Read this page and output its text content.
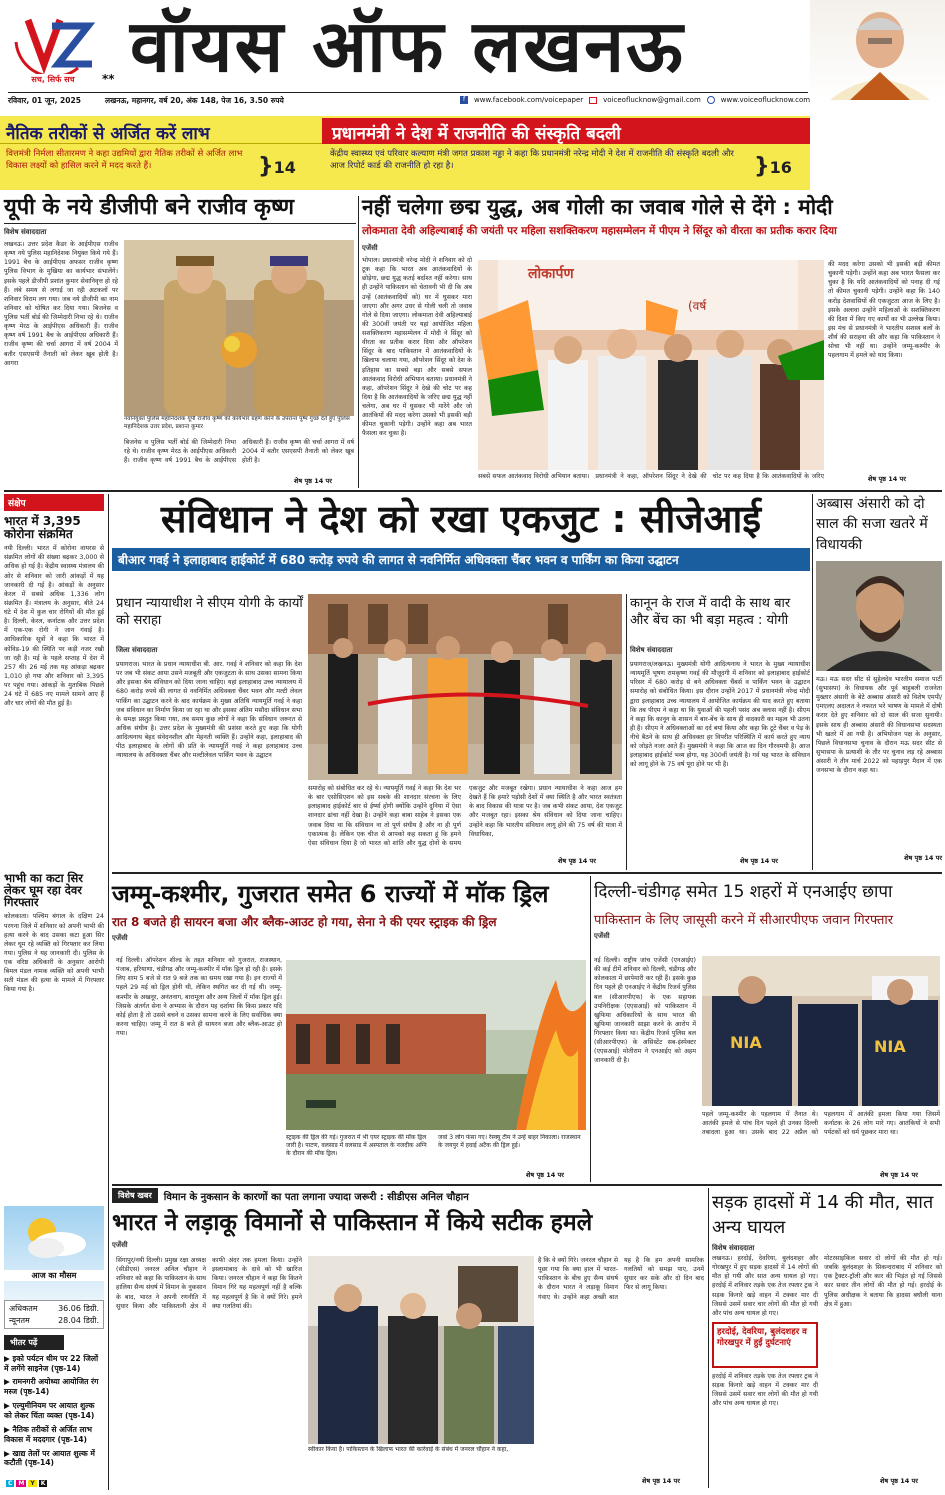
सच, सिर्फ सच	** वॉयस ऑफ लखनऊ
रविवार, 01 जून, 2025	लखनऊ, महानगर, वर्ष 20, अंक 148, पेज 16, 3.50 रुपये	f	www.facebook.com/voicepaper	voiceoflucknow@gmail.com	www.voiceoflucknow.com
नैतिक तरीकों से अर्जित करें लाभ
वित्तमंत्री निर्मला सीतारमण ने कहा उद्यमियों द्वारा नैतिक तरीकों से अर्जित लाभ विकास लक्ष्यों को हासिल करने में मदद करते हैं।	}14
प्रधानमंत्री ने देश में राजनीति की संस्कृति बदली
केंद्रीय स्वास्थ्य एवं परिवार कल्याण मंत्री जगत प्रकाश नड्डा ने कहा कि प्रधानमंत्री नरेन्द्र मोदी ने देश में राजनीति की संस्कृति बदली और आज रिपोर्ट कार्ड की राजनीति हो रहा है।	}16
यूपी के नये डीजीपी बने राजीव कृष्ण
विशेष संवाददाता
लखनऊ। उत्तर प्रदेश कैडर के आईपीएस राजीव कृष्ण नये पुलिस महानिदेशक नियुक्त किये गये हैं। 1991 बैच के आईपीएस अफसर राजीव कृष्ण पुलिस विभाग के मुखिया का कार्यभार संभालेंगे। इसके पहले डीजीपी प्रशांत कुमार सेवानिवृत्त हो रहे हैं। लंबे समय से लगाई जा रही अटकलों पर शनिवार विराम लग गया। जब नये डीजीपी का नाम शनिवार को घोषित कर दिया गया। बिजनेस व पुलिस भर्ती बोर्ड की जिम्मेदारी निभा रहे थे। राजीव कृष्ण मेरठ के आईपीएस अधिकारी हैं। राजीव कृष्ण वर्ष 1991 बैच के आईपीएस अधिकारी हैं। राजीव कृष्ण की चर्चा आगरा में वर्ष 2004 में बतौर एसएसपी तैनाती को लेकर खूब होती है। आगरा
नवनियुक्त पुलिस महानिदेशक यूपी राजीव कृष्ण को कार्यभार ग्रहण करने के उपरान्त पुष्प गुच्छ देते हुए पुलिस महानिदेशक उत्तर प्रदेश, प्रशान्त कुमार
बिजनेस व पुलिस भर्ती बोर्ड की जिम्मेदारी निभा रहे थे। राजीव कृष्ण मेरठ के आईपीएस अधिकारी हैं। राजीव कृष्ण वर्ष 1991 बैच के आईपीएस अधिकारी हैं। राजीव कृष्ण की चर्चा आगरा में वर्ष 2004 में बतौर एसएसपी तैनाती को लेकर खूब होती है।
शेष पृष्ठ 14 पर
नहीं चलेगा छद्म युद्ध, अब गोली का जवाब गोले से देंगे : मोदी
लोकमाता देवी अहिल्याबाई की जयंती पर महिला सशक्तिकरण महासम्मेलन में पीएम ने सिंदूर को वीरता का प्रतीक करार दिया
एजेंसी
भोपाल। प्रधानमंत्री नरेन्द्र मोदी ने शनिवार को दो टूक कहा कि भारत अब आतंकवादियों के छोड़ेगा, छद्म युद्ध कतई बर्दाश्त नहीं करेगा। साथ ही उन्होंने पाकिस्तान को चेतावनी भी दी कि अब उन्हें (आतंकवादियों को) घर में घुसकर मारा जाएगा और अगर उधर से गोली चली तो जवाब गोले से दिया जाएगा। लोकमाता देवी अहिल्याबाई की 300वीं जयंती पर यहां आयोजित महिला सशक्तिकरण महासम्मेलन में मोदी ने सिंदूर को वीरता का प्रतीक करार दिया और ऑपरेशन सिंदूर के बाद पाकिस्तान में आतंकवादियों के खिलाफ चलाया गया, ऑपरेशन सिंदूर को देश के इतिहास का सबसे बड़ा और सबसे सफल आतंकवाद विरोधी अभियान बताया। प्रधानमंत्री ने कहा, ऑपरेशन सिंदूर ने देखे की चोट पर कह दिया है कि आतंकवादियों के जरिए छद्म युद्ध नहीं चलेगा, अब घर में घुसकर भी मारेंगे और जो आतंकियों की मदद करेगा उसको भी इसकी बड़ी कीमत चुकानी पड़ेगी। उन्होंने कहा अब भारत फैसला कर चुका है।
लोकार्पण
(वर्ष
सबसे सफल आतंकवाद विरोधी अभियान बताया। प्रधानमंत्री ने कहा, ऑपरेशन सिंदूर ने देखे की चोट पर कह दिया है कि आतंकवादियों के जरिए
की मदद करेगा उसको भी इसकी बड़ी कीमत चुकानी पड़ेगी। उन्होंने कहा अब भारत फैसला कर चुका है कि यदि आतंकवादियों को पनाह दी गई तो कीमत चुकानी पड़ेगी। उन्होंने कहा कि 140 करोड़ देशवासियों की एकजुटता आज के लिए है। इसके अलावा उन्होंने महिलाओं के सशक्तिकरण की दिशा में किए गए कार्यों का भी उल्लेख किया। इस मंच से प्रधानमंत्री ने भारतीय सशस्त्र बलों के शौर्य की सराहना की और कहा कि पाकिस्तान ने सोचा भी नहीं था। उन्होंने जम्मू-कश्मीर के पहलगाम में हमले को याद किया।
शेष पृष्ठ 14 पर
संक्षेप
भारत में 3,395 कोरोना संक्रमित
नयी दिल्ली। भारत में कोरोना वायरस से संक्रमित लोगों की संख्या बढ़कर 3,000 से अधिक हो गई है। केंद्रीय स्वास्थ्य मंत्रालय की ओर से शनिवार को जारी आंकड़ों में यह जानकारी दी गई है। आंकड़ों के अनुसार केरल में सबसे अधिक 1,336 लोग संक्रमित हैं। मंत्रालय के अनुसार, बीते 24 घंटे में देश में कुल चार रोगियों की मौत हुई है। दिल्ली, केरल, कर्नाटक और उत्तर प्रदेश में एक-एक रोगी ने जान गंवाई है। आधिकारिक सूत्रों ने कहा कि भारत में कोविड-19 की स्थिति पर कड़ी नजर रखी जा रही है। मई के पहले सप्ताह में देश में 257 थी। 26 मई तक यह आंकड़ा बढ़कर 1,010 हो गया और शनिवार को 3,395 पर पहुंच गया। आंकड़ों के मुताबिक पिछले 24 घंटे में 685 नए मामले सामने आए हैं और चार लोगों की मौत हुई है।
भाभी का कटा सिर लेकर घूम रहा देवर गिरफ्तार
कोलकाता। पश्चिम बंगाल के दक्षिण 24 परगना जिले में शनिवार को अपनी भाभी की हत्या करने के बाद उसका कटा हुआ सिर लेकर घूम रहे व्यक्ति को गिरफ्तार कर लिया गया। पुलिस ने यह जानकारी दी। पुलिस के एक वरिष्ठ अधिकारी के अनुसार आरोपी बिमल मंडल नामक व्यक्ति को अपनी भाभी सती मंडल की हत्या के मामले में गिरफ्तार किया गया है।
आज का मौसम
अधिकतम	36.06 डिग्री.
न्यूनतम	28.04 डिग्री.
भीतर पढ़ें
▶ इको पर्यटन थीम पर 22 जिलों में लगेंगे साइनेज (पृष्ठ-14)
▶ रामनगरी अयोध्या आयोजित रंग मस्ज (पृष्ठ-14)
▶ एल्युमीनियम पर आयात शुल्क को लेकर चिंता व्यक्त (पृष्ठ-14)
▶ नैतिक तरीकों से अर्जित लाभ विकास में मददगार (पृष्ठ-14)
▶ खाद्य तेलों पर आयात शुल्क में कटौती (पृष्ठ-14)
संविधान ने देश को रखा एकजुट : सीजेआई
बीआर गवई ने इलाहाबाद हाईकोर्ट में 680 करोड़ रुपये की लागत से नवनिर्मित अधिवक्ता चैंबर भवन व पार्किंग का किया उद्घाटन
प्रधान न्यायाधीश ने सीएम योगी के कार्यों को सराहा
जिला संवाददाता
प्रयागराज। भारत के प्रधान न्यायाधीश बी. आर. गवई ने शनिवार को कहा कि देश पर जब भी संकट आया उसने मजबूती और एकजुटता के साथ उसका सामना किया और इसका श्रेय संविधान को दिया जाना चाहिए। यहां इलाहाबाद उच्च न्यायालय में 680 करोड़ रुपये की लागत से नवनिर्मित अधिवक्ता चैंबर भवन और मल्टी लेवल पार्किंग का उद्घाटन करने के बाद कार्यक्रम के मुख्य अतिथि न्यायमूर्ति गवई ने कहा जब संविधान का निर्माण किया जा रहा था और इसका अंतिम मसौदा संविधान सभा के समक्ष प्रस्तुत किया गया, तब समय कुछ लोगों ने कहा कि संविधान जरूरत से अधिक संघीय है। उत्तर प्रदेश के मुख्यमंत्री की प्रशंसा करते हुए कहा कि योगी आदित्यनाथ बेहद संवेदनशील और मेहनती व्यक्ति हैं। उन्होंने कहा, इलाहाबाद की पीठ इलाहाबाद के लोगों की प्रति के न्यायमूर्ति गवई ने कहा इलाहाबाद उच्च न्यायालय के अधिवक्ता चैंबर और मल्टीलेवल पार्किंग भवन के उद्घाटन
समारोह को संबोधित कर रहे थे। न्यायमूर्ति गवई ने कहा कि देश भर के बार एसोसिएशन को इस सबके की शानदार संरचना के लिए इलाहाबाद हाईकोर्ट बार से ईर्ष्या होगी क्योंकि उन्होंने दुनिया में ऐसा शानदार ढांचा नहीं देखा है। उन्होंने कहा बाबा साहेब ने इसका एक जवाब दिया था कि संविधान ना तो पूर्ण संघीय है और ना ही पूर्ण एकात्मक है। लेकिन एक चीज से आपको कह सकता हूं कि हमने ऐसा संविधान दिया है जो भारत को शांति और युद्ध दोनों के समय एकजुट और मजबूत रखेगा। प्रधान न्यायाधीश ने कहा आज हम देखते हैं कि हमारे पड़ोसी देशों में क्या स्थिति है और भारत स्वतंत्रता के बाद विकास की यात्रा पर है। जब कभी संकट आया, देश एकजुट और मजबूत रहा। इसका श्रेय संविधान को दिया जाना चाहिए। उन्होंने कहा कि भारतीय संविधान लागू होने की 75 वर्ष की यात्रा में विधायिका,
शेष पृष्ठ 14 पर
कानून के राज में वादी के साथ बार और बेंच का भी बड़ा महत्व : योगी
विशेष संवाददाता
प्रयागराज/लखनऊ। मुख्यमंत्री योगी आदित्यनाथ ने भारत के मुख्य न्यायाधीश न्यायमूर्ति भूषण रामकृष्ण गवई की मौजूदगी में शनिवार को इलाहाबाद हाईकोर्ट परिसर में 680 करोड़ से बने अधिवक्ता चैंबर्स व पार्किंग भवन के उद्घाटन समारोह को संबोधित किया। इस दौरान उन्होंने 2017 में प्रधानमंत्री नरेन्द्र मोदी द्वारा इलाहाबाद उच्च न्यायालय में आयोजित कार्यक्रम की याद करते हुए बताया कि तब पीएम ने कहा था कि युवाओं की पहली पसंद अब क्लास नहीं है। सीएम ने कहा कि कानून के शासन में बार-बेंच के साथ ही वादकारी का महत्व भी उतना ही है। सीएम ने अधिवक्ताओं का दर्द बयां किया और कहा कि टूटे चैंबर व पेड़ के नीचे बैठने के साथ ही अधिवक्ता हर विपरीत परिस्थिति में कार्य करते हुए न्याय को जोड़ते नजर आते हैं। मुख्यमंत्री ने कहा कि आज का दिन गौरवमयी है। आज इलाहाबाद हाईकोर्ट भव्य होगा, यह 300वीं जयंती है। गर्व यह भारत के संविधान को लागू होने के 75 वर्ष पूरा होने पर भी है।
शेष पृष्ठ 14 पर
अब्बास अंसारी को दो साल की सजा खतरे में विधायकी
मऊ। मऊ सदर सीट से सुहेलदेव भारतीय समाज पार्टी (सुभासपा) के विधायक और पूर्व बाहुबली राजनेता मुख्तार अंसारी के बेटे अब्बास अंसारी को विशेष एमपी/एमएलए अदालत ने नफरत भरे भाषण के मामले में दोषी करार देते हुए शनिवार को दो साल की सजा सुनायी। इसके साथ ही अब्बास अंसारी की विधानसभा सदस्यता भी खतरे में आ गयी है। अभियोजन पक्ष के अनुसार, पिछले विधानसभा चुनाव के दौरान मऊ सदर सीट से सुभासपा के प्रत्याशी के तौर पर चुनाव लड़ रहे अब्बास अंसारी ने तीन मार्च 2022 को पहाड़पुर मैदान में एक जनसभा के दौरान कहा था।
शेष पृष्ठ 14 पर
जम्मू-कश्मीर, गुजरात समेत 6 राज्यों में मॉक ड्रिल
रात 8 बजते ही सायरन बजा और ब्लैक-आउट हो गया, सेना ने की एयर स्ट्राइक की ड्रिल
एजेंसी
नई दिल्ली। ऑपरेशन शील्ड के तहत शनिवार को गुजरात, राजस्थान, पंजाब, हरियाणा, चंडीगढ़ और जम्मू-कश्मीर में मॉक ड्रिल हो रही है। इसके लिए शाम 5 बजे से रात 9 बजे तक का समय रखा गया है। इन राज्यों में पहले 29 मई को ड्रिल होनी थी, लेकिन स्थगित कर दी गई थी। जम्मू-कश्मीर के अखनूर, अनंतनाग, बारामूला और अन्य जिलों में मॉक ड्रिल हुई। जिसके अंतर्गत सेना ने अभ्यास के दौरान यह दर्शाया कि किस प्रकार यदि कोई होता है तो उससे बचने व उसका सामना करने के लिए सर्वाधिक क्या करना चाहिए। जम्मू में रात 8 बजे ही सायरन बजा और ब्लैक-आउट हो गया।
स्ट्राइक की ड्रिल की गई। गुजरात में भी एयर स्ट्राइक की मॉक ड्रिल जारी है। पाटण, वलसाड में वलसाड में अस्पताल के नजदीक अग्नि के दौरान की मॉक ड्रिल।
जवां 3 लोग फंसा गए। रेस्क्यू टीम ने उन्हें बाहर निकाला। राजस्थान के जयपुर में हवाई अटैक की ड्रिल हुई।
शेष पृष्ठ 14 पर
दिल्ली-चंडीगढ़ समेत 15 शहरों में एनआईए छापा
पाकिस्तान के लिए जासूसी करने में सीआरपीएफ जवान गिरफ्तार
एजेंसी
नई दिल्ली। राष्ट्रीय जांच एजेंसी (एनआईए) की कई टीमें शनिवार को दिल्ली, चंडीगढ़ और कोलकाता में छापेमारी कर रही हैं। इसके कुछ दिन पहले ही एनआईए ने केंद्रीय रिजर्व पुलिस बल (सीआरपीएफ) के एक सहायक उपनिरीक्षक (एएसआई) को पाकिस्तान में खुफिया अधिकारियों के साथ भारत की खुफिया जानकारी साझा करने के आरोप में गिरफ्तार किया था। केंद्रीय रिजर्व पुलिस बल (सीआरपीएफ) के असिस्टेंट सब-इंस्पेक्टर (एएसआई) मोतीराम ने एनआईए को अहम जानकारी दी है।
NIA	NIA
पहले जम्मू-कश्मीर के पहलगाम में तैनात थे। आतंकी हमले से पांच दिन पहले ही उनका दिल्ली तबादला हुआ था। उसके बाद 22 अप्रैल को पहलगाम में आतंकी हमला किया गया जिसमें कर्नाटक के 26 लोग मारे गए। आतंकियों ने सभी पर्यटकों को धर्म पूछकर मारा था।
शेष पृष्ठ 14 पर
विशेष खबर	विमान के नुकसान के कारणों का पता लगाना ज्यादा जरूरी : सीडीएस अनिल चौहान
भारत ने लड़ाकू विमानों से पाकिस्तान में किये सटीक हमले
एजेंसी
सिंगापुर/नयी दिल्ली। प्रमुख रक्षा अध्यक्ष (सीडीएस) जनरल अनिल चौहान ने शनिवार को कहा कि पाकिस्तान के साथ हालिया सैन्य संघर्ष में विमान के नुकसान के बाद, भारत ने अपनी रणनीति में सुधार किया और पाकिस्तानी क्षेत्र में काफी अंदर तक हमला किया। उन्होंने इस्लामाबाद के दावे को भी खारिज किया। जनरल चौहान ने कहा कि कितने विमान गिरे यह महत्वपूर्ण नहीं है बल्कि यह महत्वपूर्ण है कि वे क्यों गिरे। हमने क्या गलतियां कीं।
स्वीकार किया है। पाकिस्तान के खिलाफ भारत की कार्रवाई के संबंध में जनरल चौहान ने कहा,
है कि वे क्यों गिरे। जनरल चौहान से पूछा गया कि क्या हाल में भारत-पाकिस्तान के बीच हुए सैन्य संघर्ष के दौरान भारत ने लड़ाकू विमान गंवाए थे। उन्होंने कहा अच्छी बात यह है कि हम अपनी सामरिक गलतियों को समझ पाए, उनमें सुधार कर सके और दो दिन बाद फिर से लागू किया।
शेष पृष्ठ 14 पर
सड़क हादसों में 14 की मौत, सात अन्य घायल
विशेष संवाददाता
लखनऊ। हरदोई, देवरिया, बुलंदशहर और गोरखपुर में हुए सड़क हादसों में 14 लोगों की मौत हो गयी और सात अन्य घायल हो गए। हरदोई में शनिवार तड़के एक तेज रफ्तार ट्रक ने सड़क किनारे खड़े वाहन में टक्कर मार दी जिससे उसमें सवार चार लोगों की मौत हो गयी और पांच अन्य घायल हो गए।
हरदोई, देवरिया, बुलंदशहर व गोरखपुर में हुईं दुर्घटनाएं
हरदोई में शनिवार तड़के एक तेज रफ्तार ट्रक ने सड़क किनारे खड़े वाहन में टक्कर मार दी जिससे उसमें सवार चार लोगों की मौत हो गयी और पांच अन्य घायल हो गए।
मोटरसाइकिल सवार दो लोगों की मौत हो गई। जबकि बुलंदशहर के सिकन्दराबाद में शनिवार को एक ट्रैक्टर-ट्रॉली और कार की भिड़ंत हो गई जिससे कार सवार तीन लोगों की मौत हो गई। हरदोई के पुलिस अधीक्षक ने बताया कि हादसा बघौली थाना क्षेत्र में हुआ।
शेष पृष्ठ 14 पर
C	M	Y	K
